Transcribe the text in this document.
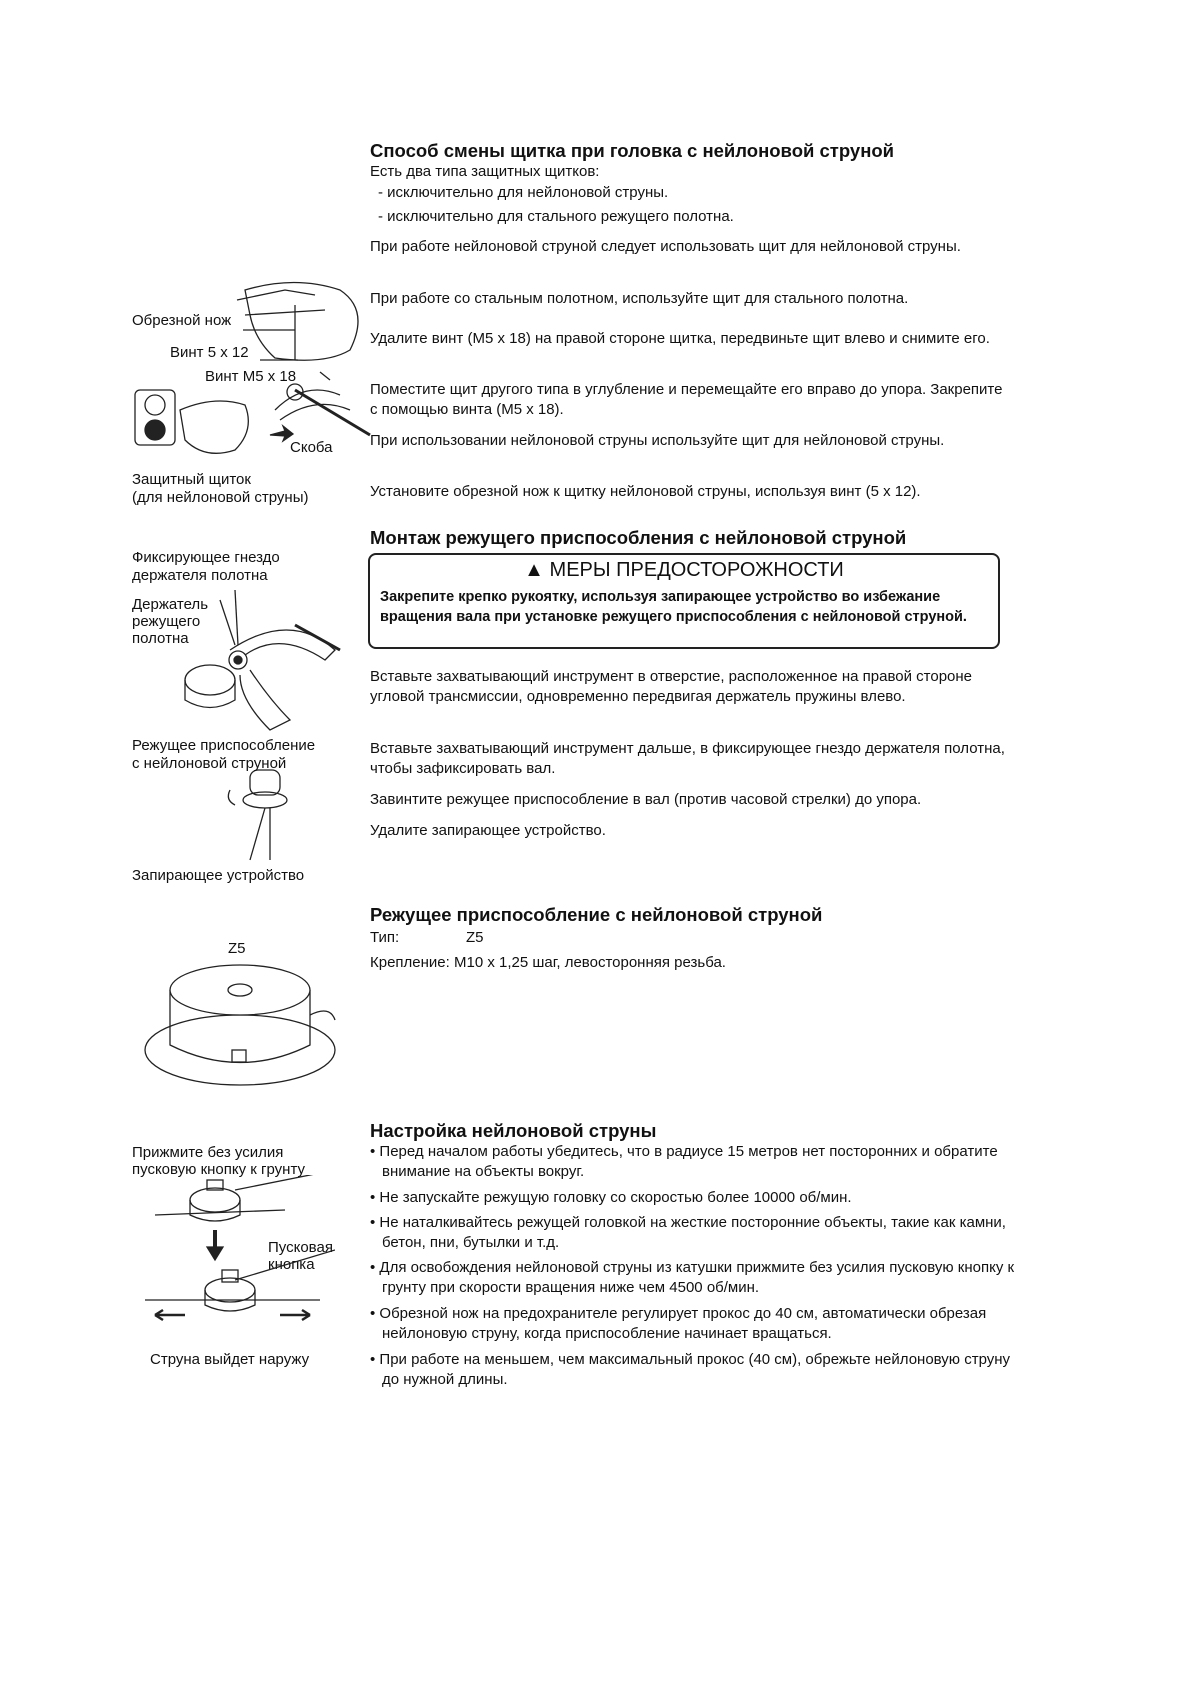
Способ смены щитка при головка с нейлоновой струной
Есть два типа защитных щитков:
- исключительно для нейлоновой струны.
- исключительно для стального режущего полотна.
При работе нейлоновой струной следует использовать щит для нейлоновой струны.
При работе со стальным полотном, используйте щит для стального полотна.
Удалите винт (M5 x 18) на правой стороне щитка, передвиньте щит влево и снимите его.
Поместите щит другого типа в углубление и перемещайте его вправо до упора. Закрепите с помощью винта (M5 x 18).
При использовании нейлоновой струны используйте щит для нейлоновой струны.
Установите обрезной нож к щитку нейлоновой струны, используя винт (5 x 12).
Обрезной нож
Винт 5 x 12
Винт M5 x 18
Скоба
Защитный щиток
(для нейлоновой струны)
Монтаж режущего приспособления с нейлоновой струной
▲ МЕРЫ ПРЕДОСТОРОЖНОСТИ
Закрепите крепко рукоятку, используя запирающее устройство во избежание вращения вала при установке режущего приспособления с нейлоновой струной.
Вставьте захватывающий инструмент в отверстие, расположенное на правой стороне угловой трансмиссии, одновременно передвигая держатель пружины влево.
Вставьте захватывающий инструмент дальше, в фиксирующее гнездо держателя полотна, чтобы зафиксировать вал.
Завинтите режущее приспособление в вал (против часовой стрелки) до упора.
Удалите запирающее устройство.
Фиксирующее гнездо
держателя полотна
Держатель
режущего
полотна
Режущее приспособление
с нейлоновой струной
Запирающее устройство
Режущее приспособление с нейлоновой струной
Тип:	Z5
Крепление: M10 x 1,25 шаг, левосторонняя резьба.
Z5
Настройка нейлоновой струны
• Перед началом работы убедитесь, что в радиусе 15 метров нет посторонних и обратите внимание на объекты вокруг.
• Не запускайте режущую головку со скоростью более 10000 об/мин.
• Не наталкивайтесь режущей головкой на жесткие посторонние объекты, такие как камни, бетон, пни, бутылки и т.д.
• Для освобождения нейлоновой струны из катушки прижмите без усилия пусковую кнопку к грунту при скорости вращения ниже чем 4500 об/мин.
• Обрезной нож на предохранителе регулирует прокос до 40 см, автоматически обрезая нейлоновую струну, когда приспособление начинает вращаться.
• При работе на меньшем, чем максимальный прокос (40 см), обрежьте нейлоновую струну до нужной длины.
Прижмите без усилия
пусковую кнопку к грунту
Пусковая
кнопка
Струна выйдет наружу
